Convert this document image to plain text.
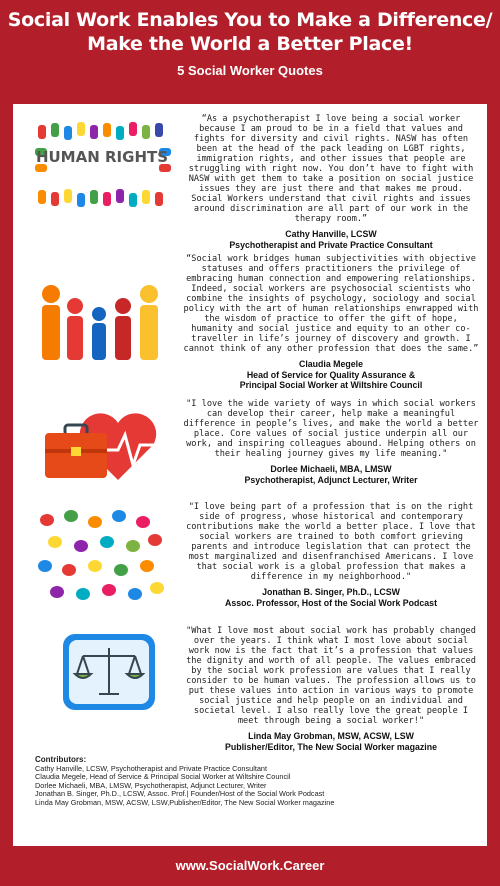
Social Work Enables You to Make a Difference/
Make the World a Better Place!
5 Social Worker Quotes
HUMAN RIGHTS
“As a psychotherapist I love being a social worker because I am proud to be in a field that values and fights for diversity and civil rights. NASW has often been at the head of the pack leading on LGBT rights, immigration rights, and other issues that people are struggling with right now. You don’t have to fight with NASW with get them to take a position on social justice issues they are just there and that makes me proud. Social Workers understand that civil rights and issues around discrimination are all part of our work in the therapy room.”
Cathy Hanville, LCSW
Psychotherapist and Private Practice Consultant
“Social work bridges human subjectivities with objective statuses and offers practitioners the privilege of embracing human connection and empowering relationships. Indeed, social workers are psychosocial scientists who combine the insights of psychology, sociology and social policy with the art of human relationships enwrapped with the wisdom of practice to offer the gift of hope, humanity and social justice and equity to an other co-traveller in life’s journey of discovery and growth. I cannot think of any other profession that does the same.”
Claudia Megele
Head of Service for Quality Assurance &
Principal Social Worker at Wiltshire Council
"I love the wide variety of ways in which social workers can develop their career, help make a meaningful difference in people’s lives, and make the world a better place. Core values of social justice underpin all our work, and inspiring colleagues abound. Helping others on their healing journey gives my life meaning."
Dorlee Michaeli, MBA, LMSW
Psychotherapist, Adjunct Lecturer, Writer
"I love being part of a profession that is on the right side of progress, whose historical and contemporary contributions make the world a better place. I love that social workers are trained to both comfort grieving parents and introduce legislation that can protect the most marginalized and disenfranchised Americans. I love that social work is a global profession that makes a difference in my neighborhood."
Jonathan B. Singer, Ph.D., LCSW
Assoc. Professor, Host of the Social Work Podcast
"What I love most about social work has probably changed over the years. I think what I most love about social work now is the fact that it’s a profession that values the dignity and worth of all people. The values embraced by the social work profession are values that I really consider to be human values. The profession allows us to put these values into action in various ways to promote social justice and help people on an individual and societal level. I also really love the great people I meet through being a social worker!"
Linda May Grobman, MSW, ACSW, LSW
Publisher/Editor, The New Social Worker magazine
Contributors:
Cathy Hanville, LCSW, Psychotherapist and Private Practice Consultant
Claudia Megele, Head of Service & Principal Social Worker at Wiltshire Council
Dorlee Michaeli, MBA, LMSW, Psychotherapist, Adjunct Lecturer, Writer
Jonathan B. Singer, Ph.D., LCSW, Assoc. Prof.| Founder/Host of the Social Work Podcast
Linda May Grobman, MSW, ACSW, LSW,Publisher/Editor, The New Social Worker magazine
www.SocialWork.Career
